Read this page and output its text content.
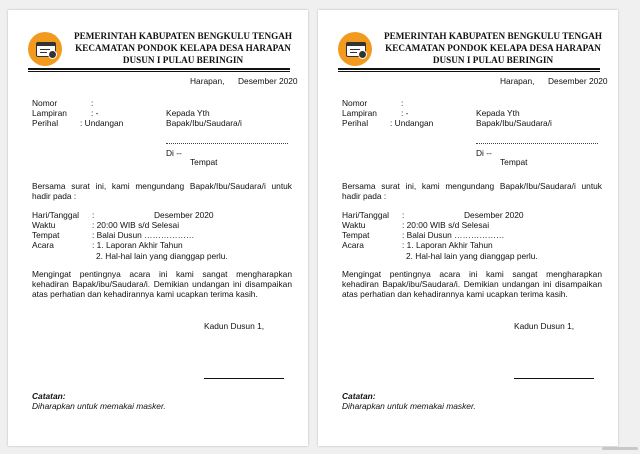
PEMERINTAH KABUPATEN BENGKULU TENGAH
KECAMATAN PONDOK KELAPA DESA HARAPAN
DUSUN I PULAU BERINGIN
Harapan, Desember 2020
Nomor	:
Lampiran	: -
Perihal	: Undangan
Kepada Yth
Bapak/Ibu/Saudara/i
Di --
Tempat
Bersama surat ini, kami mengundang Bapak/Ibu/Saudara/i untuk
hadir pada :
Hari/Tanggal :	Desember 2020
Waktu	: 20:00 WIB s/d Selesai
Tempat	: Balai Dusun ………………
Acara	: 1. Laporan Akhir Tahun
2. Hal-hal lain yang dianggap perlu.
Mengingat pentingnya acara ini kami sangat mengharapkan
kehadiran Bapak/ibu/Saudara/i. Demikian undangan ini disampaikan
atas perhatian dan kehadirannya kami ucapkan terima kasih.
Kadun Dusun 1,
Catatan:
Diharapkan untuk memakai masker.
PEMERINTAH KABUPATEN BENGKULU TENGAH
KECAMATAN PONDOK KELAPA DESA HARAPAN
DUSUN I PULAU BERINGIN
Harapan, Desember 2020
Nomor	:
Lampiran	: -
Perihal	: Undangan
Kepada Yth
Bapak/Ibu/Saudara/i
Di --
Tempat
Bersama surat ini, kami mengundang Bapak/Ibu/Saudara/i untuk
hadir pada :
Hari/Tanggal :	Desember 2020
Waktu	: 20:00 WIB s/d Selesai
Tempat	: Balai Dusun ………………
Acara	: 1. Laporan Akhir Tahun
2. Hal-hal lain yang dianggap perlu.
Mengingat pentingnya acara ini kami sangat mengharapkan
kehadiran Bapak/ibu/Saudara/i. Demikian undangan ini disampaikan
atas perhatian dan kehadirannya kami ucapkan terima kasih.
Kadun Dusun 1,
Catatan:
Diharapkan untuk memakai masker.
